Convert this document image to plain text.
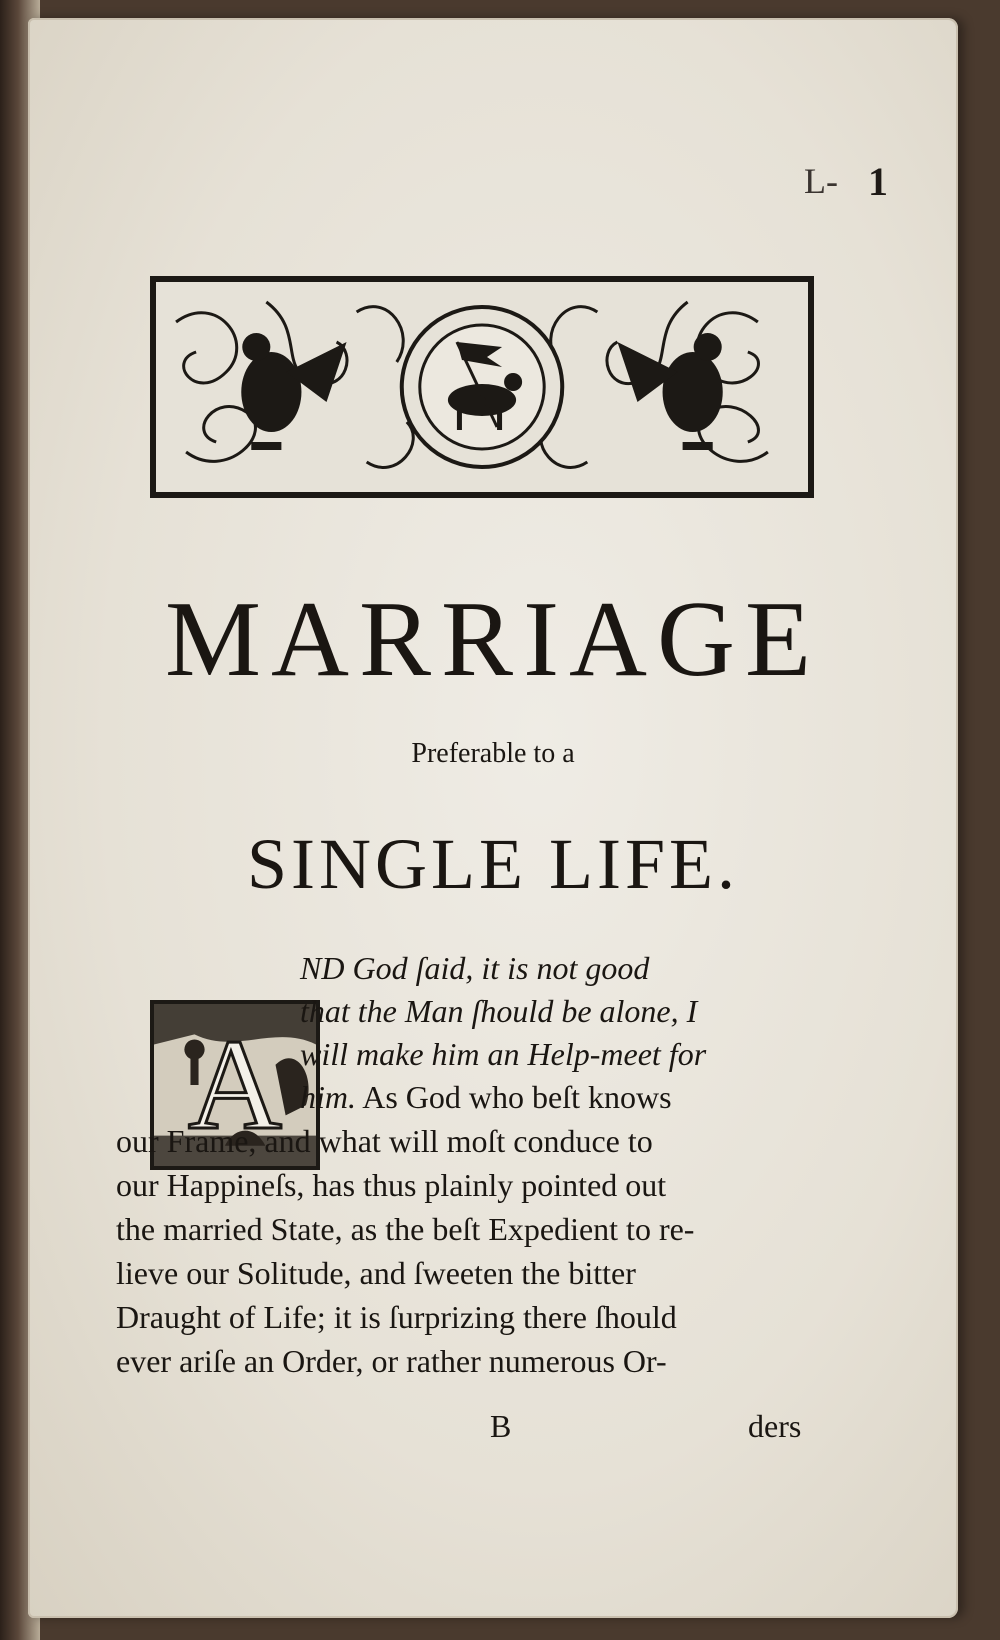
L- 1
MARRIAGE
Preferable to a
SINGLE LIFE.
A
ND God ſaid, it is not good
that the Man ſhould be alone, I
will make him an Help-meet for
him. As God who beſt knows
our Frame, and what will moſt conduce to
our Happineſs, has thus plainly pointed out
the married State, as the beſt Expedient to re-
lieve our Solitude, and ſweeten the bitter
Draught of Life; it is ſurprizing there ſhould
ever ariſe an Order, or rather numerous Or-
B	ders
